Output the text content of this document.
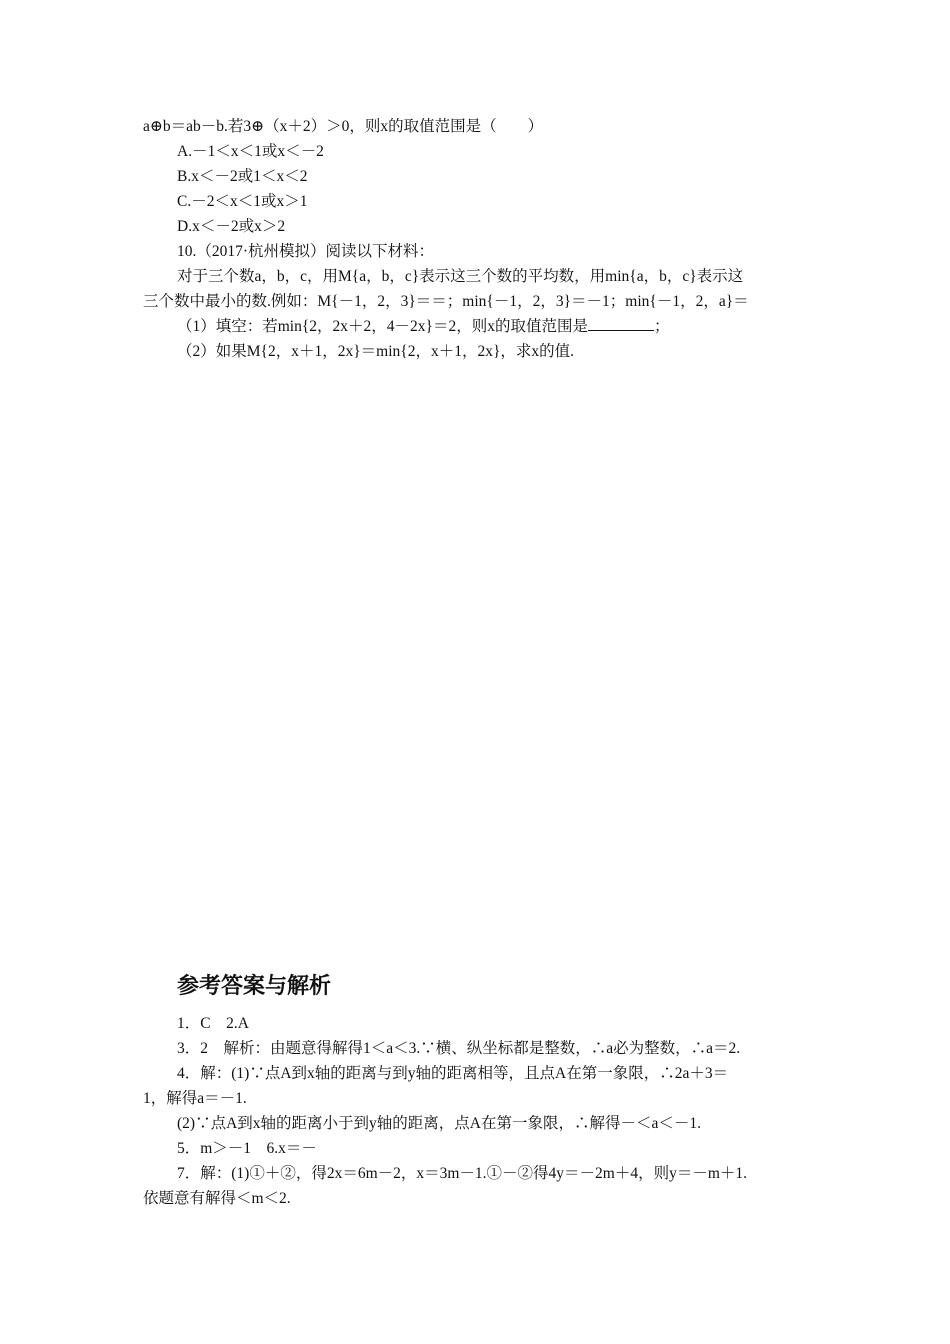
a⊕b＝ab－b.若3⊕（x＋2）＞0，则x的取值范围是（　　）
A.－1＜x＜1或x＜－2
B.x＜－2或1＜x＜2
C.－2＜x＜1或x＞1
D.x＜－2或x＞2
10.（2017·杭州模拟）阅读以下材料：
对于三个数a，b，c，用M{a，b，c}表示这三个数的平均数，用min{a，b，c}表示这
三个数中最小的数.例如：M{－1，2，3}＝＝；min{－1，2，3}＝－1；min{－1，2，a}＝
（1）填空：若min{2，2x＋2，4－2x}＝2，则x的取值范围是	；
（2）如果M{2，x＋1，2x}＝min{2，x＋1，2x}，求x的值.
参考答案与解析
1．C　2.A
3．2　解析：由题意得解得1＜a＜3.∵横、纵坐标都是整数，∴a必为整数，∴a＝2.
4．解：(1)∵点A到x轴的距离与到y轴的距离相等，且点A在第一象限，∴2a＋3＝
1，解得a＝－1.
(2)∵点A到x轴的距离小于到y轴的距离，点A在第一象限，∴解得－＜a＜－1.
5．m＞－1　6.x＝－
7．解：(1)①＋②，得2x＝6m－2，x＝3m－1.①－②得4y＝－2m＋4，则y＝－m＋1.
依题意有解得＜m＜2.
